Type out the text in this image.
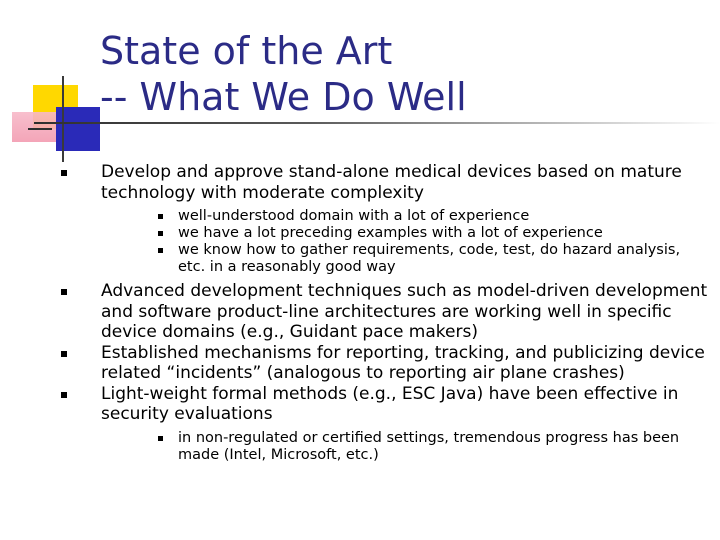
State of the Art
-- What We Do Well
Develop and approve stand-alone medical devices based on mature technology with moderate complexity
well-understood domain with a lot of experience
we have a lot preceding examples with a lot of experience
we know how to gather requirements, code, test, do hazard analysis, etc. in a reasonably good way
Advanced development techniques such as model-driven development and software product-line architectures are working well in specific device domains (e.g., Guidant pace makers)
Established mechanisms for reporting, tracking, and publicizing device related “incidents” (analogous to reporting air plane crashes)
Light-weight formal methods (e.g., ESC Java) have been effective in security evaluations
in non-regulated or certified settings, tremendous progress has been made (Intel, Microsoft, etc.)
